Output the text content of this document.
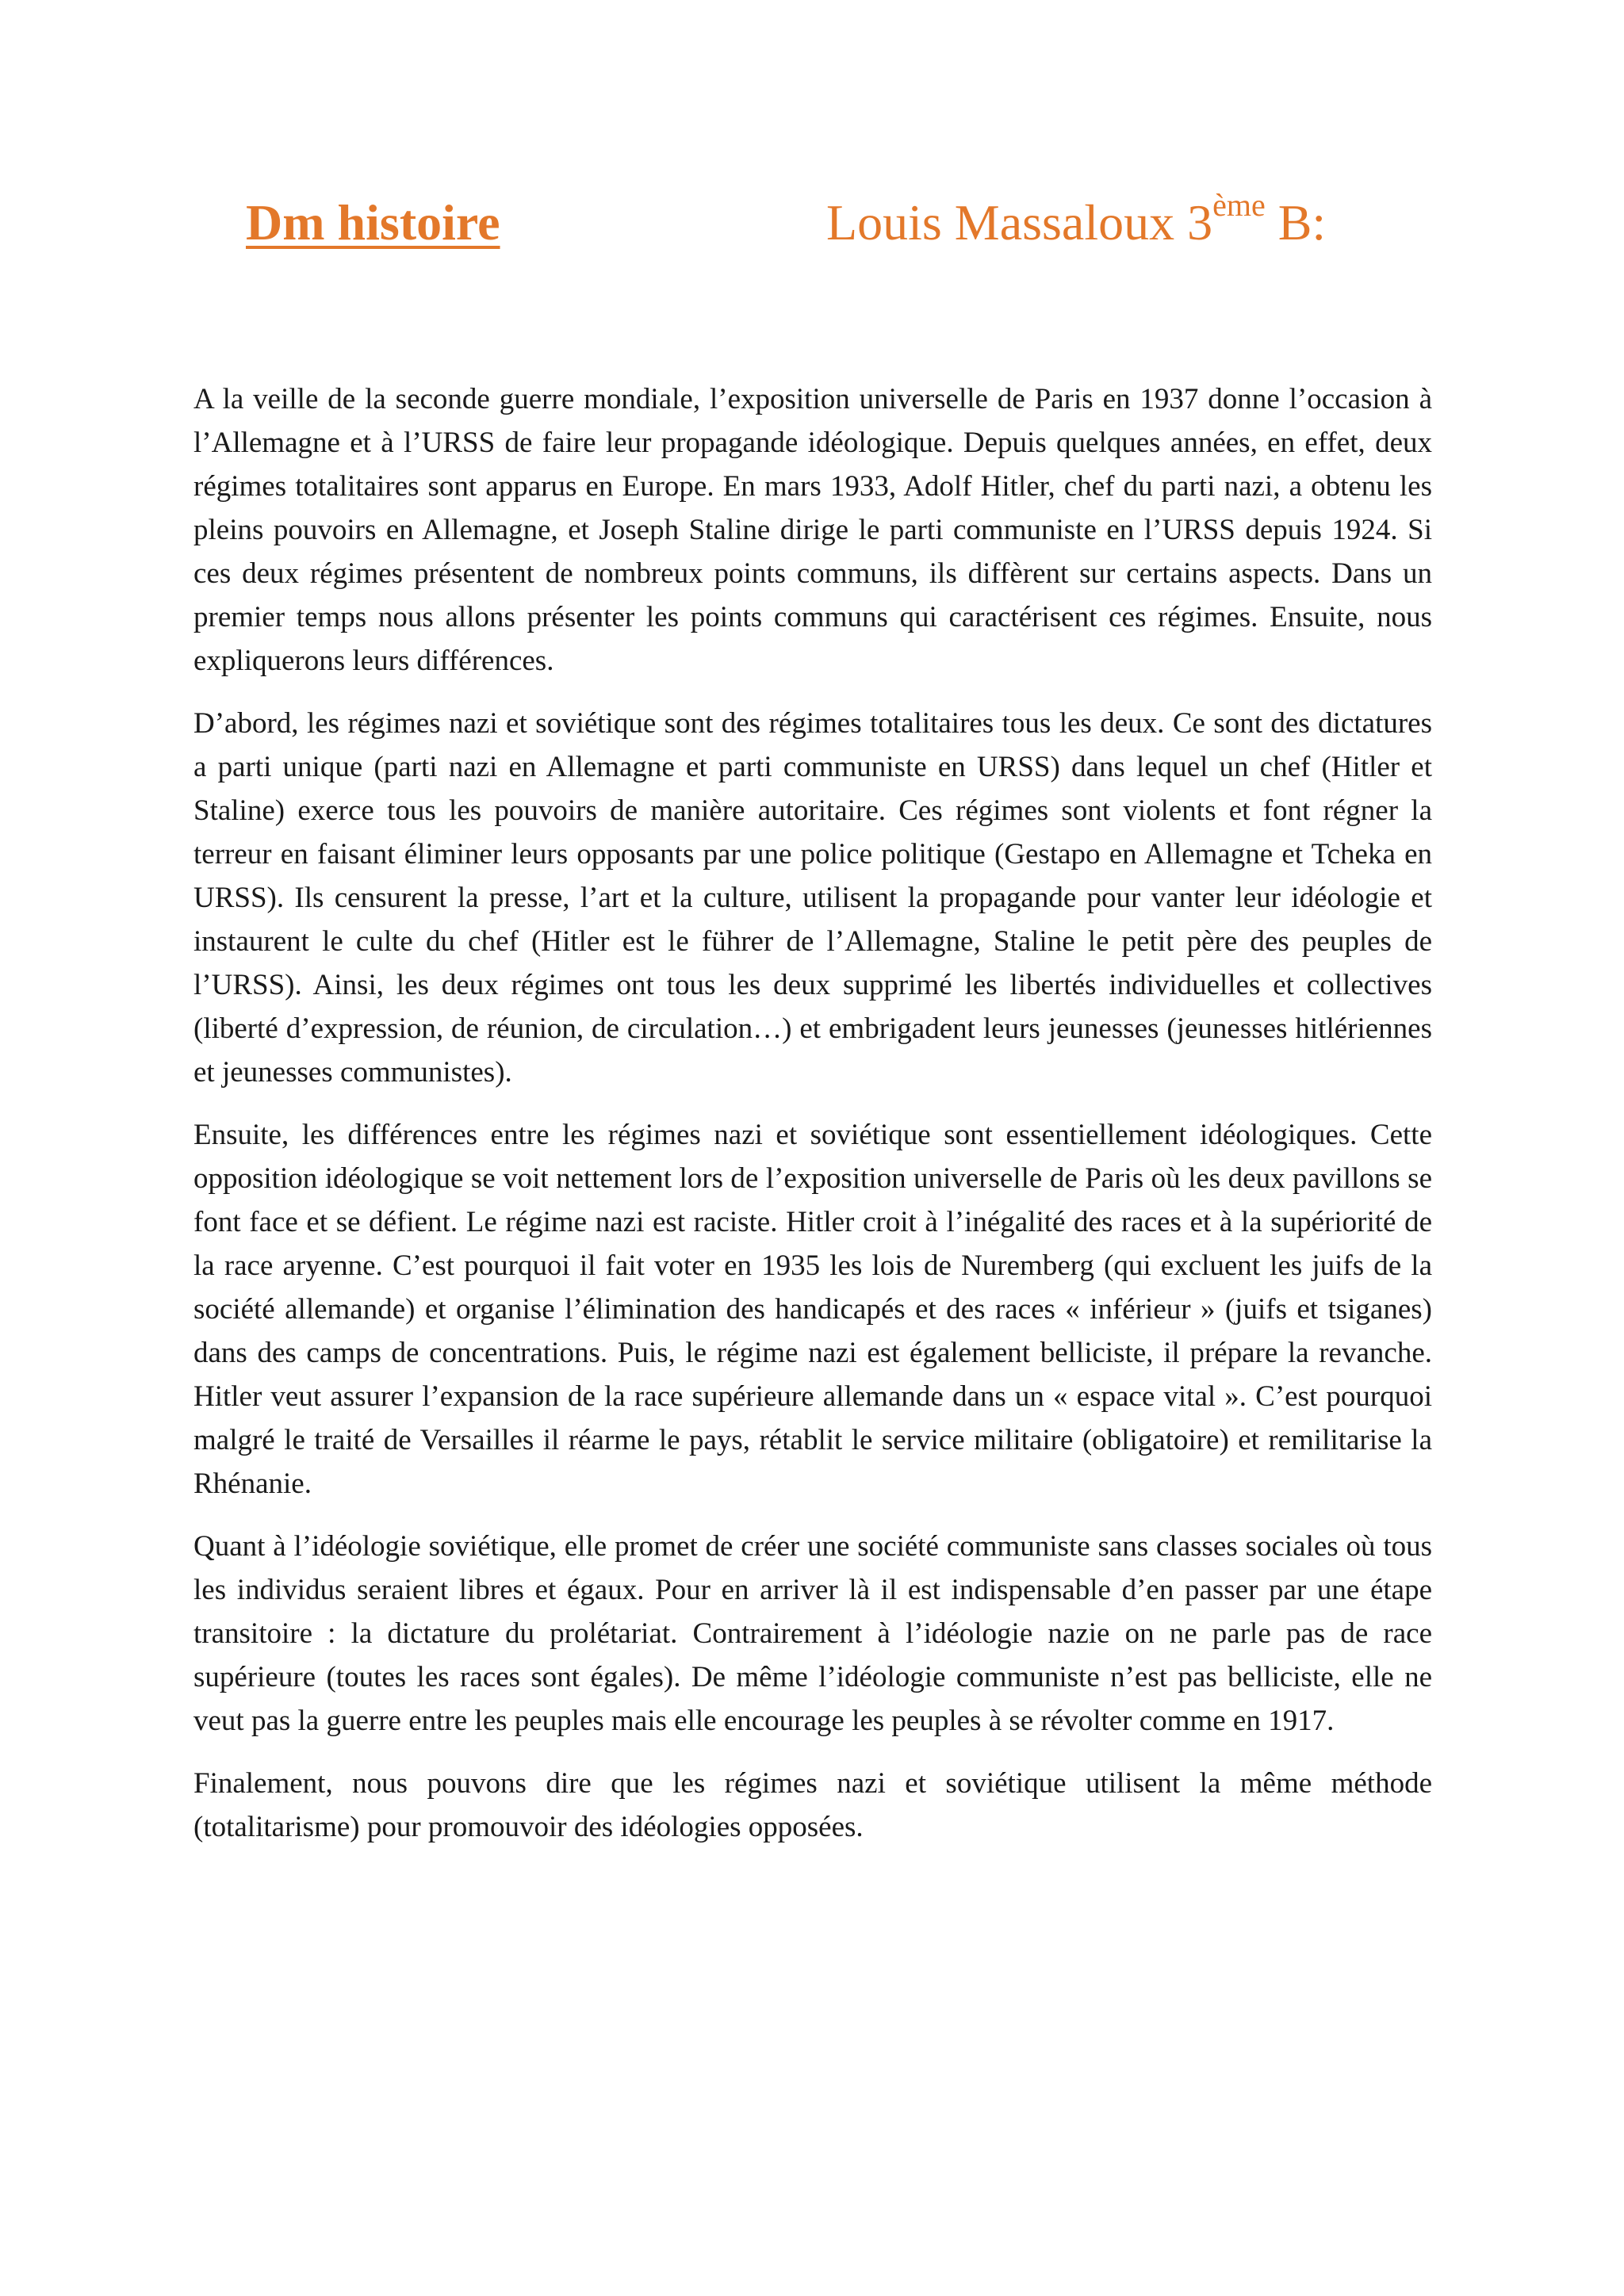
Dm histoire	Louis Massaloux 3ème B:

A la veille de la seconde guerre mondiale, l’exposition universelle de Paris en 1937 donne l’occasion à l’Allemagne et à l’URSS de faire leur propagande idéologique. Depuis quelques années, en effet, deux régimes totalitaires sont apparus en Europe. En mars 1933, Adolf Hitler, chef du parti nazi, a obtenu les pleins pouvoirs en Allemagne, et Joseph Staline dirige le parti communiste en l’URSS depuis 1924. Si ces deux régimes présentent de nombreux points communs, ils diffèrent sur certains aspects. Dans un premier temps nous allons présenter les points communs qui caractérisent ces régimes. Ensuite, nous expliquerons leurs différences.

D’abord, les régimes nazi et soviétique sont des régimes totalitaires tous les deux. Ce sont des dictatures a parti unique (parti nazi en Allemagne et parti communiste en URSS) dans lequel un chef (Hitler et Staline) exerce tous les pouvoirs de manière autoritaire. Ces régimes sont violents et font régner la terreur en faisant éliminer leurs opposants par une police politique (Gestapo en Allemagne et Tcheka en URSS). Ils censurent la presse, l’art et la culture, utilisent la propagande pour vanter leur idéologie et instaurent le culte du chef (Hitler est le führer de l’Allemagne, Staline le petit père des peuples de l’URSS). Ainsi, les deux régimes ont tous les deux supprimé les libertés individuelles et collectives (liberté d’expression, de réunion, de circulation…) et embrigadent leurs jeunesses (jeunesses hitlériennes et jeunesses communistes).

Ensuite, les différences entre les régimes nazi et soviétique sont essentiellement idéologiques. Cette opposition idéologique se voit nettement lors de l’exposition universelle de Paris où les deux pavillons se font face et se défient. Le régime nazi est raciste. Hitler croit à l’inégalité des races et à la supériorité de la race aryenne. C’est pourquoi il fait voter en 1935 les lois de Nuremberg (qui excluent les juifs de la société allemande) et organise l’élimination des handicapés et des races « inférieur » (juifs et tsiganes) dans des camps de concentrations. Puis, le régime nazi est également belliciste, il prépare la revanche. Hitler veut assurer l’expansion de la race supérieure allemande dans un « espace vital ». C’est pourquoi malgré le traité de Versailles il réarme le pays, rétablit le service militaire (obligatoire) et remilitarise la Rhénanie.

Quant à l’idéologie soviétique, elle promet de créer une société communiste sans classes sociales où tous les individus seraient libres et égaux. Pour en arriver là il est indispensable d’en passer par une étape transitoire : la dictature du prolétariat. Contrairement à l’idéologie nazie on ne parle pas de race supérieure (toutes les races sont égales). De même l’idéologie communiste n’est pas belliciste, elle ne veut pas la guerre entre les peuples mais elle encourage les peuples à se révolter comme en 1917.

Finalement, nous pouvons dire que les régimes nazi et soviétique utilisent la même méthode (totalitarisme) pour promouvoir des idéologies opposées.
